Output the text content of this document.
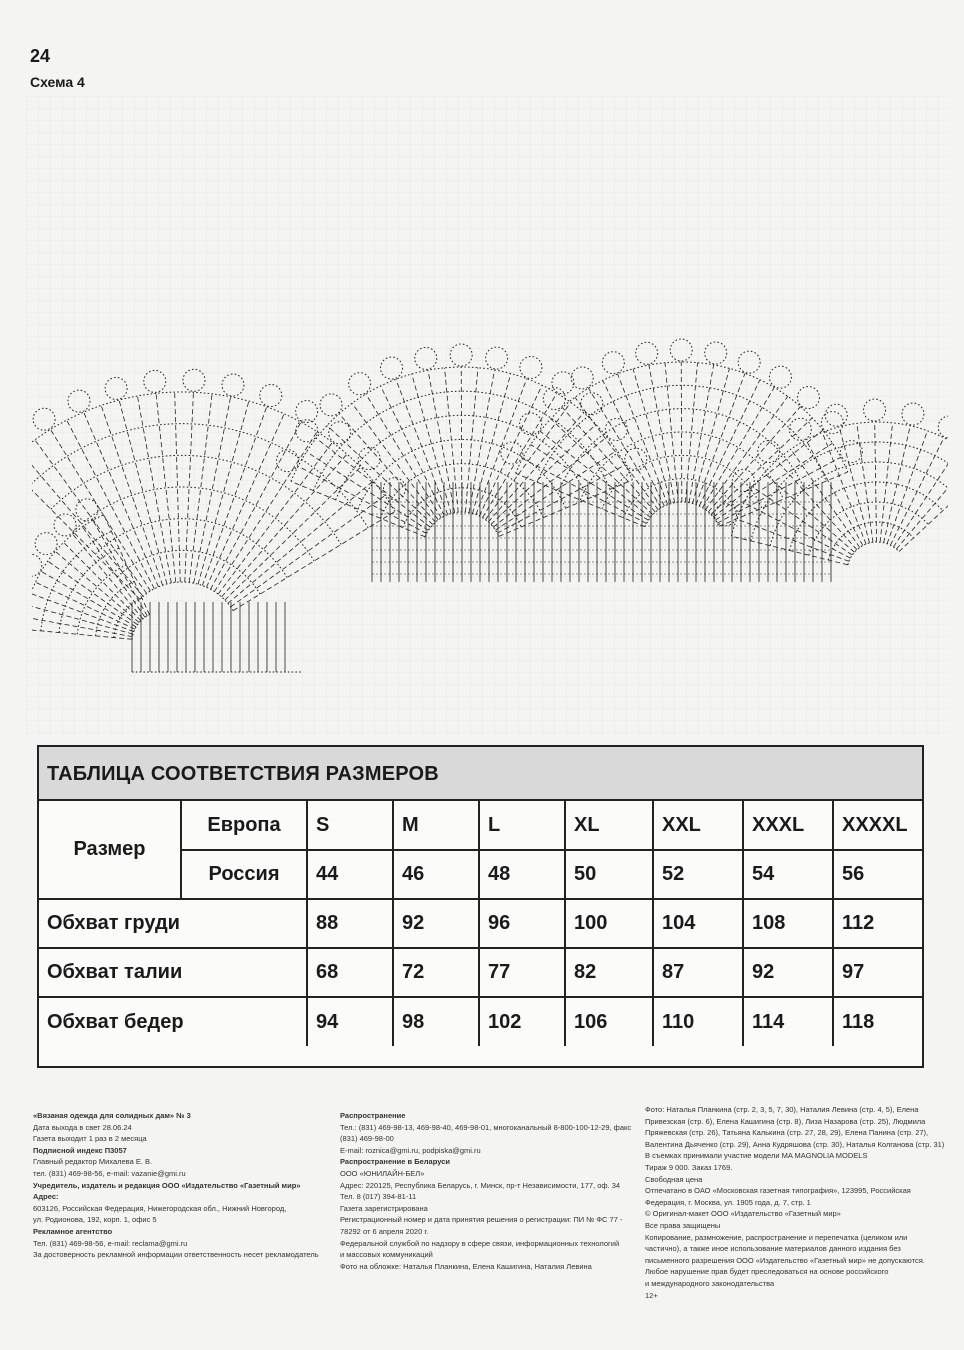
24
Схема 4
ТАБЛИЦА СООТВЕТСТВИЯ РАЗМЕРОВ
Размер	Европа	S	M	L	XL	XXL	XXXL	XXXXL
	Россия	44	46	48	50	52	54	56
Обхват груди		88	92	96	100	104	108	112
Обхват талии		68	72	77	82	87	92	97
Обхват бедер		94	98	102	106	110	114	118
«Вязаная одежда для солидных дам» № 3
Дата выхода в свет 28.06.24
Газета выходит 1 раз в 2 месяца
Подписной индекс П3057
Главный редактор Михалева Е. В.
тел. (831) 469-98-56, e-mail: vazanie@gmi.ru
Учредитель, издатель и редакция ООО «Издательство «Газетный мир»
Адрес:
603126, Российская Федерация, Нижегородская обл., Нижний Новгород,
ул. Родионова, 192, корп. 1, офис 5
Рекламное агентство
Тел. (831) 469-98-56, e-mail: reclama@gmi.ru
За достоверность рекламной информации ответственность несет рекламодатель
Распространение
Тел.: (831) 469-98-13, 469-98-40, 469-98-01, многоканальный 8-800-100-12-29, факс
(831) 469-98-00
E-mail: roznica@gmi.ru, podpiska@gmi.ru
Распространение в Беларуси
ООО «ЮНИЛАЙН-БЕЛ»
Адрес: 220125, Республика Беларусь, г. Минск, пр-т Независимости, 177, оф. 34
Тел. 8 (017) 394-81-11
Газета зарегистрирована
Регистрационный номер и дата принятия решения о регистрации: ПИ № ФС 77 -
78292 от 6 апреля 2020 г.
Федеральной службой по надзору в сфере связи, информационных технологий
и массовых коммуникаций
Фото на обложке: Наталья Планкина, Елена Кашигина, Наталия Левина
Фото: Наталья Планкина (стр. 2, 3, 5, 7, 30), Наталия Левина (стр. 4, 5), Елена
Привезская (стр. 6), Елена Кашигина (стр. 8), Лиза Назарова (стр. 25), Людмила
Пряжевская (стр. 26), Татьяна Калькина (стр. 27, 28, 29), Елена Панина (стр. 27),
Валентина Дьяченко (стр. 29), Анна Кудряшова (стр. 30), Наталья Колганова (стр. 31)
В съемках принимали участие модели MA MAGNOLIA MODELS
Тираж 9 000. Заказ 1769.
Свободная цена
Отпечатано в ОАО «Московская газетная типография», 123995, Российская
Федерация, г. Москва, ул. 1905 года, д. 7, стр. 1
© Оригинал-макет ООО «Издательство «Газетный мир»
Все права защищены
Копирование, размножение, распространение и перепечатка (целиком или
частично), а также иное использование материалов данного издания без
письменного разрешения ООО «Издательство «Газетный мир» не допускаются.
Любое нарушение прав будет преследоваться на основе российского
и международного законодательства
12+
